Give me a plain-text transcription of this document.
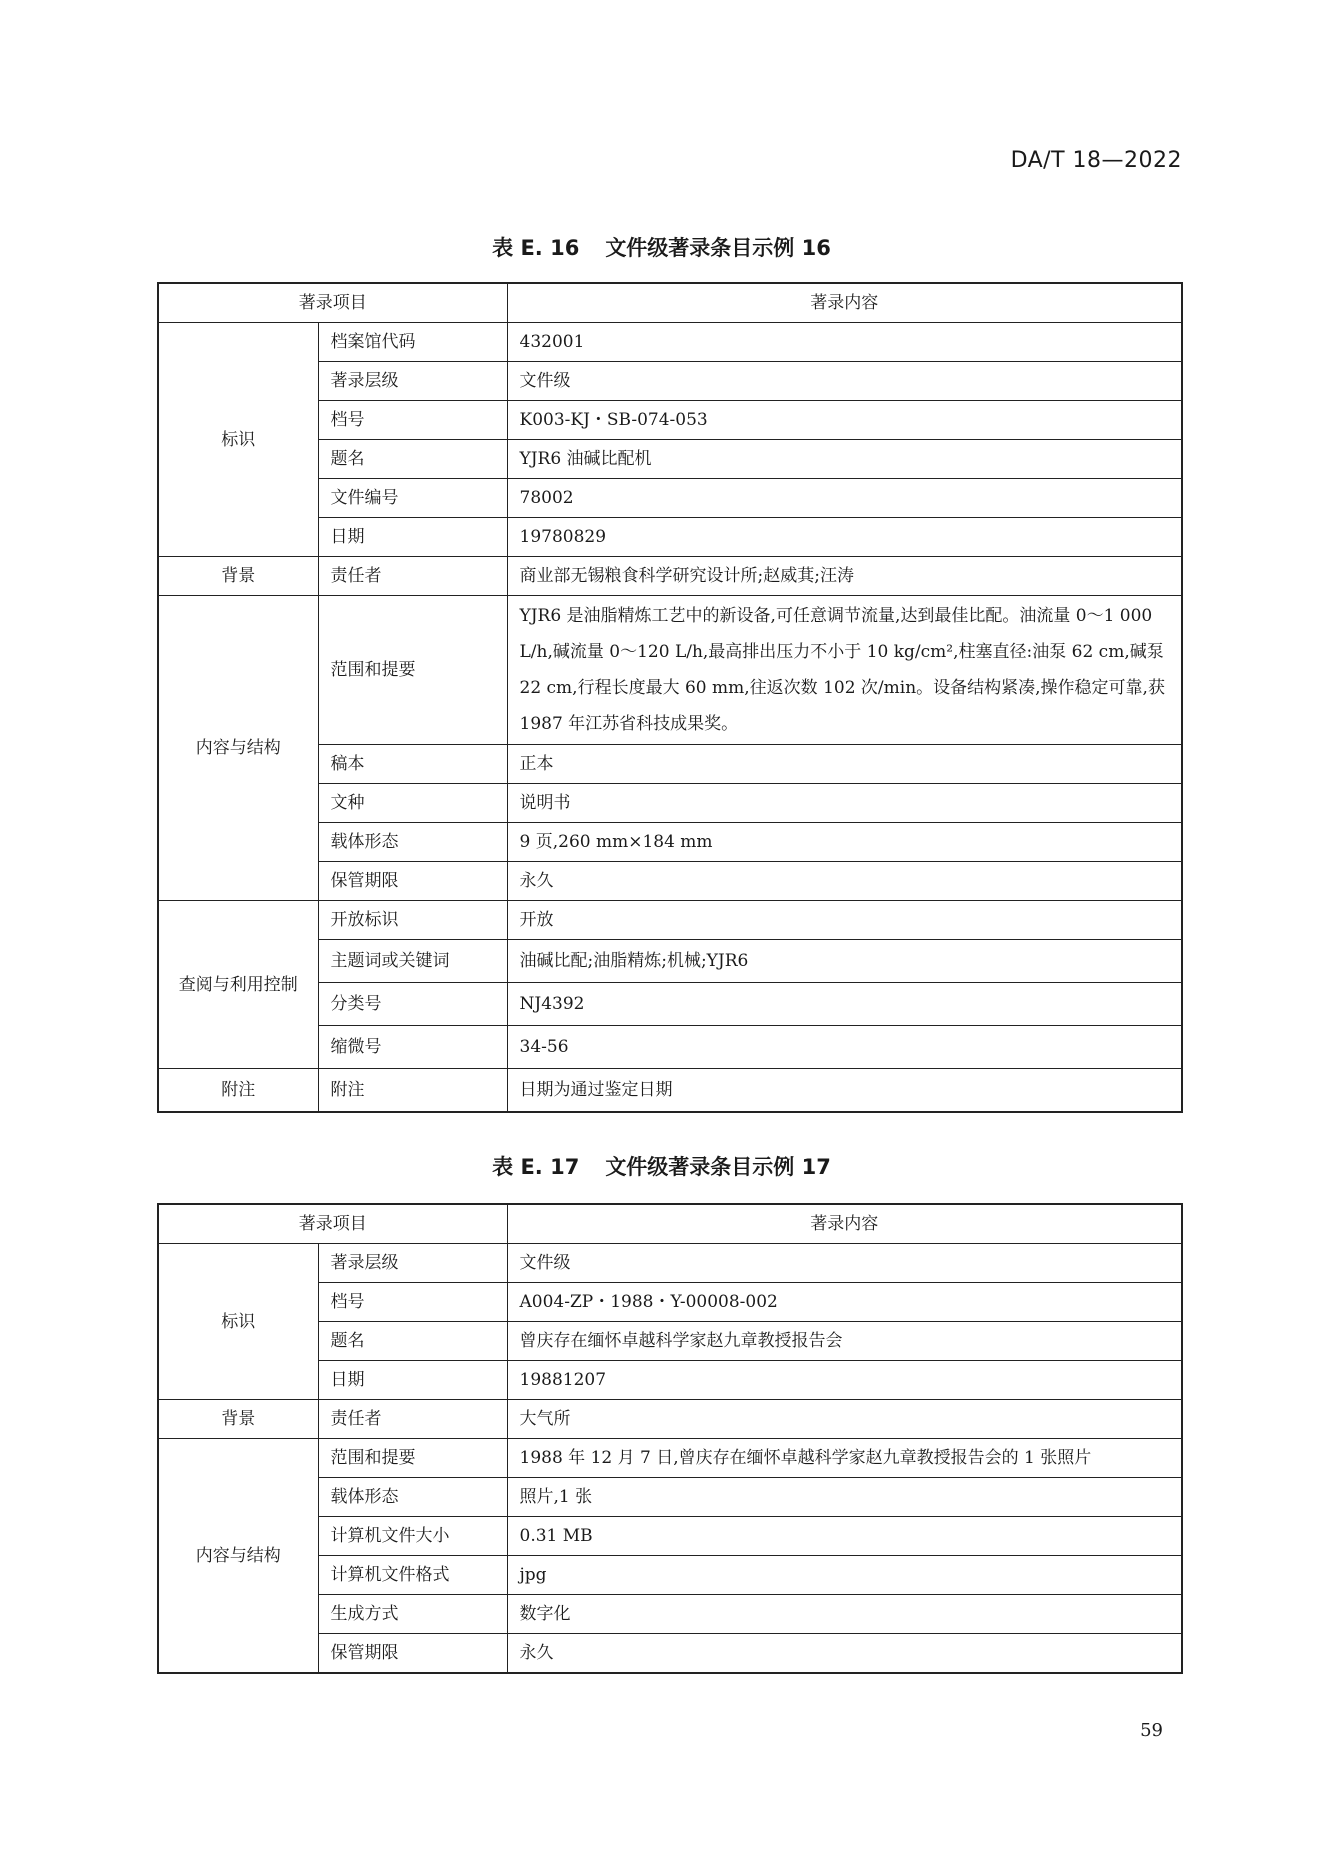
DA/T 18—2022
表 E. 16 文件级著录条目示例 16
著录项目		著录内容
标识	档案馆代码	432001
	著录层级	文件级
	档号	K003-KJ・SB-074-053
	题名	YJR6 油碱比配机
	文件编号	78002
	日期	19780829
背景	责任者	商业部无锡粮食科学研究设计所;赵威萁;汪涛
内容与结构	范围和提要	YJR6 是油脂精炼工艺中的新设备,可任意调节流量,达到最佳比配。油流量 0～1 000 L/h,碱流量 0～120 L/h,最高排出压力不小于 10 kg/cm²,柱塞直径:油泵 62 cm,碱泵 22 cm,行程长度最大 60 mm,往返次数 102 次/min。设备结构紧凑,操作稳定可靠,获 1987 年江苏省科技成果奖。
	稿本	正本
	文种	说明书
	载体形态	9 页,260 mm×184 mm
	保管期限	永久
查阅与利用控制	开放标识	开放
	主题词或关键词	油碱比配;油脂精炼;机械;YJR6
	分类号	NJ4392
	缩微号	34-56
附注	附注	日期为通过鉴定日期
表 E. 17 文件级著录条目示例 17
著录项目		著录内容
标识	著录层级	文件级
	档号	A004-ZP・1988・Y-00008-002
	题名	曾庆存在缅怀卓越科学家赵九章教授报告会
	日期	19881207
背景	责任者	大气所
内容与结构	范围和提要	1988 年 12 月 7 日,曾庆存在缅怀卓越科学家赵九章教授报告会的 1 张照片
	载体形态	照片,1 张
	计算机文件大小	0.31 MB
	计算机文件格式	jpg
	生成方式	数字化
	保管期限	永久
59
